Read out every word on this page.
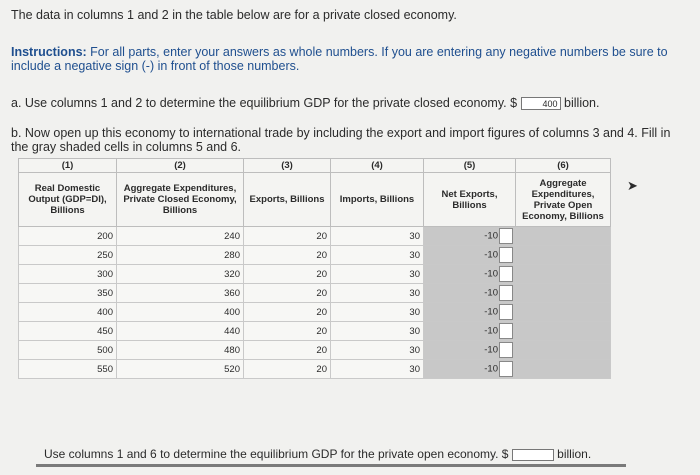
The data in columns 1 and 2 in the table below are for a private closed economy.
Instructions: For all parts, enter your answers as whole numbers. If you are entering any negative numbers be sure to include a negative sign (-) in front of those numbers.
a. Use columns 1 and 2 to determine the equilibrium GDP for the private closed economy. $	400 billion.
b. Now open up this economy to international trade by including the export and import figures of columns 3 and 4. Fill in the gray shaded cells in columns 5 and 6.
(1)	(2)	(3)	(4)	(5)	(6)
Real Domestic Output (GDP=DI), Billions	Aggregate Expenditures, Private Closed Economy, Billions	Exports, Billions	Imports, Billions	Net Exports, Billions	Aggregate Expenditures, Private Open Economy, Billions
200	240	20	30	-10	
250	280	20	30	-10	
300	320	20	30	-10	
350	360	20	30	-10	
400	400	20	30	-10	
450	440	20	30	-10	
500	480	20	30	-10	
550	520	20	30	-10	
➤
Use columns 1 and 6 to determine the equilibrium GDP for the private open economy. $	billion.
